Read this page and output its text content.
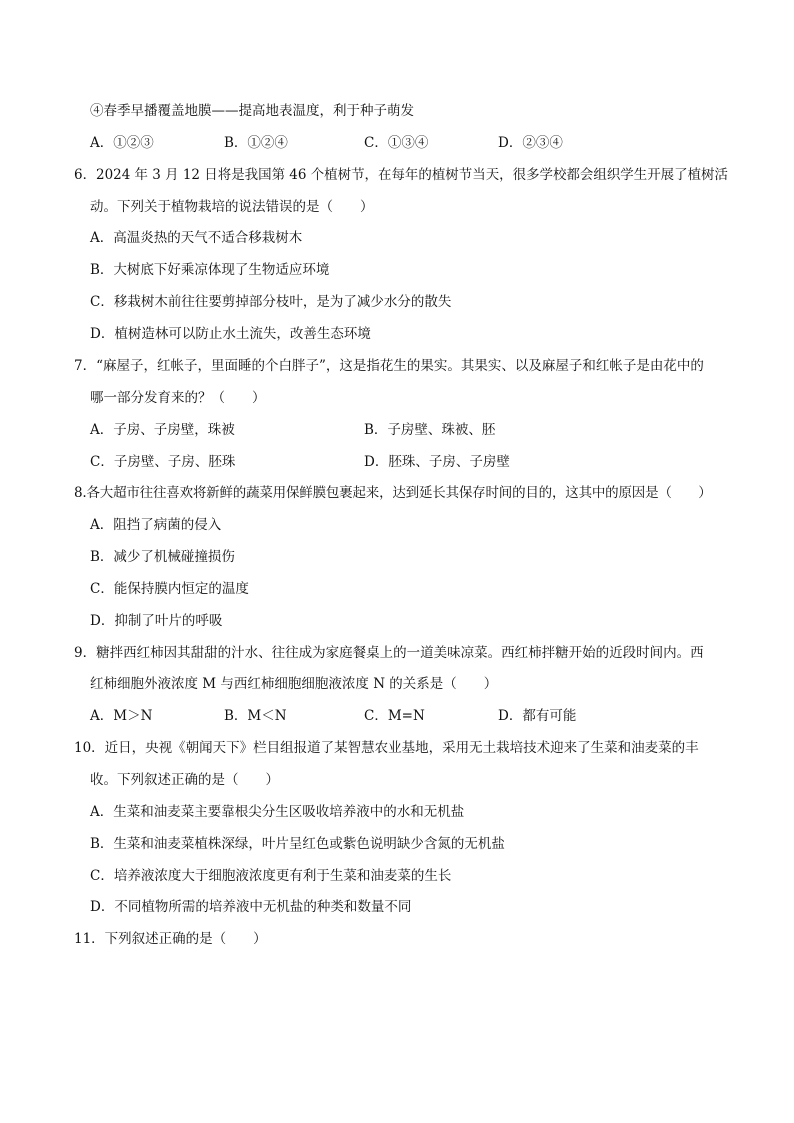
④春季早播覆盖地膜——提高地表温度，利于种子萌发
A．①②③	B．①②④	C．①③④	D．②③④
6．2024 年 3 月 12 日将是我国第 46 个植树节，在每年的植树节当天，很多学校都会组织学生开展了植树活
动。下列关于植物栽培的说法错误的是（　　）
A．高温炎热的天气不适合移栽树木
B．大树底下好乘凉体现了生物适应环境
C．移栽树木前往往要剪掉部分枝叶，是为了减少水分的散失
D．植树造林可以防止水土流失，改善生态环境
7．“麻屋子，红帐子，里面睡的个白胖子”，这是指花生的果实。其果实、以及麻屋子和红帐子是由花中的
哪一部分发育来的？（　　）
A．子房、子房壁，珠被	B．子房壁、珠被、胚
C．子房壁、子房、胚珠	D．胚珠、子房、子房壁
8.各大超市往往喜欢将新鲜的蔬菜用保鲜膜包裹起来，达到延长其保存时间的目的，这其中的原因是（　　）
A．阻挡了病菌的侵入
B．减少了机械碰撞损伤
C．能保持膜内恒定的温度
D．抑制了叶片的呼吸
9．糖拌西红柿因其甜甜的汁水、往往成为家庭餐桌上的一道美味凉菜。西红柿拌糖开始的近段时间内。西
红柿细胞外液浓度 M 与西红柿细胞细胞液浓度 N 的关系是（　　）
A．M＞N	B．M＜N	C．M=N	D．都有可能
10．近日，央视《朝闻天下》栏目组报道了某智慧农业基地，采用无土栽培技术迎来了生菜和油麦菜的丰
收。下列叙述正确的是（　　）
A．生菜和油麦菜主要靠根尖分生区吸收培养液中的水和无机盐
B．生菜和油麦菜植株深绿，叶片呈红色或紫色说明缺少含氮的无机盐
C．培养液浓度大于细胞液浓度更有利于生菜和油麦菜的生长
D．不同植物所需的培养液中无机盐的种类和数量不同
11．下列叙述正确的是（　　）
